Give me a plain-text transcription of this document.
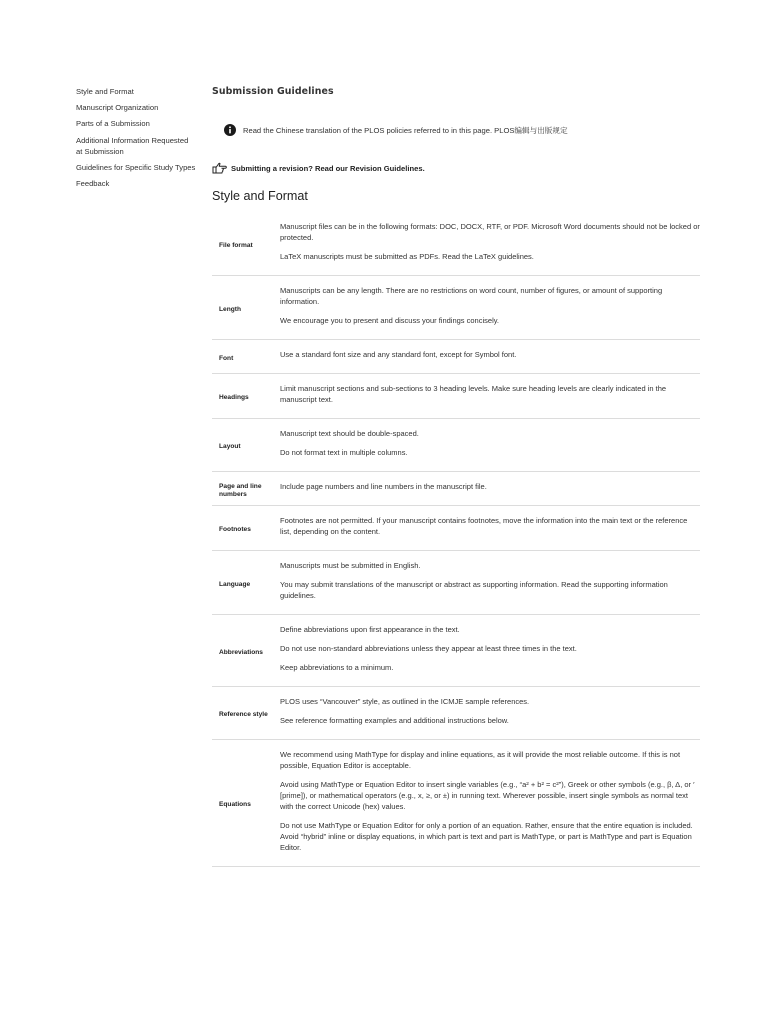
Style and Format
Manuscript Organization
Parts of a Submission
Additional Information Requested at Submission
Guidelines for Specific Study Types
Feedback
Submission Guidelines
Read the Chinese translation of the PLOS policies referred to in this page. PLOS编辑与出版规定
Submitting a revision? Read our Revision Guidelines.
Style and Format
File format

Manuscript files can be in the following formats: DOC, DOCX, RTF, or PDF. Microsoft Word documents should not be locked or protected.

LaTeX manuscripts must be submitted as PDFs. Read the LaTeX guidelines.

Length

Manuscripts can be any length. There are no restrictions on word count, number of figures, or amount of supporting information.

We encourage you to present and discuss your findings concisely.

Font	Use a standard font size and any standard font, except for Symbol font.

Headings

Limit manuscript sections and sub-sections to 3 heading levels. Make sure heading levels are clearly indicated in the manuscript text.

Layout

Manuscript text should be double-spaced.

Do not format text in multiple columns.

Page and line numbers

Include page numbers and line numbers in the manuscript file.

Footnotes

Footnotes are not permitted. If your manuscript contains footnotes, move the information into the main text or the reference list, depending on the content.

Language

Manuscripts must be submitted in English.

You may submit translations of the manuscript or abstract as supporting information. Read the supporting information guidelines.

Abbreviations

Define abbreviations upon first appearance in the text.

Do not use non-standard abbreviations unless they appear at least three times in the text.

Keep abbreviations to a minimum.

Reference style

PLOS uses “Vancouver” style, as outlined in the ICMJE sample references.

See reference formatting examples and additional instructions below.

Equations

We recommend using MathType for display and inline equations, as it will provide the most reliable outcome. If this is not possible, Equation Editor is acceptable.

Avoid using MathType or Equation Editor to insert single variables (e.g., “a² + b² = c²”), Greek or other symbols (e.g., β, Δ, or ′ [prime]), or mathematical operators (e.g., x, ≥, or ±) in running text. Wherever possible, insert single symbols as normal text with the correct Unicode (hex) values.

Do not use MathType or Equation Editor for only a portion of an equation. Rather, ensure that the entire equation is included. Avoid “hybrid” inline or display equations, in which part is text and part is MathType, or part is MathType and part is Equation Editor.
